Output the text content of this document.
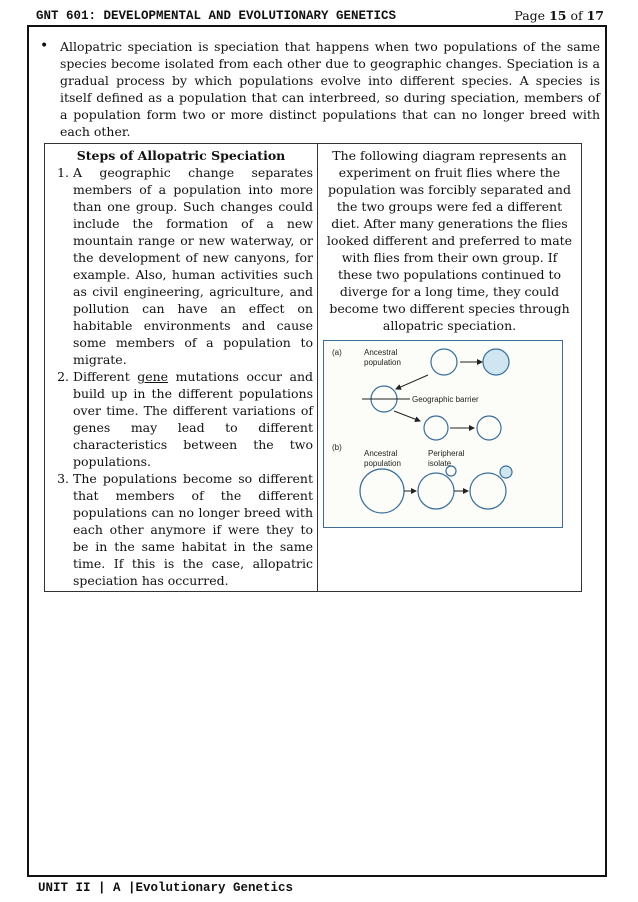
GNT 601: DEVELOPMENTAL AND EVOLUTIONARY GENETICS	Page 15 of 17
• Allopatric speciation is speciation that happens when two populations of the same species become isolated from each other due to geographic changes. Speciation is a gradual process by which populations evolve into different species. A species is itself defined as a population that can interbreed, so during speciation, members of a population form two or more distinct populations that can no longer breed with each other.
Steps of Allopatric Speciation
1. A geographic change separates members of a population into more than one group. Such changes could include the formation of a new mountain range or new waterway, or the development of new canyons, for example. Also, human activities such as civil engineering, agriculture, and pollution can have an effect on habitable environments and cause some members of a population to migrate.
2. Different gene mutations occur and build up in the different populations over time. The different variations of genes may lead to different characteristics between the two populations.
3. The populations become so different that members of the different populations can no longer breed with each other anymore if were they to be in the same habitat in the same time. If this is the case, allopatric speciation has occurred.

The following diagram represents an experiment on fruit flies where the population was forcibly separated and the two groups were fed a different diet. After many generations the flies looked different and preferred to mate with flies from their own group. If these two populations continued to diverge for a long time, they could become two different species through allopatric speciation.
(a)	Ancestral
population
Geographic barrier
(b)
Ancestral
population
Peripheral
isolate
UNIT II | A |Evolutionary Genetics
